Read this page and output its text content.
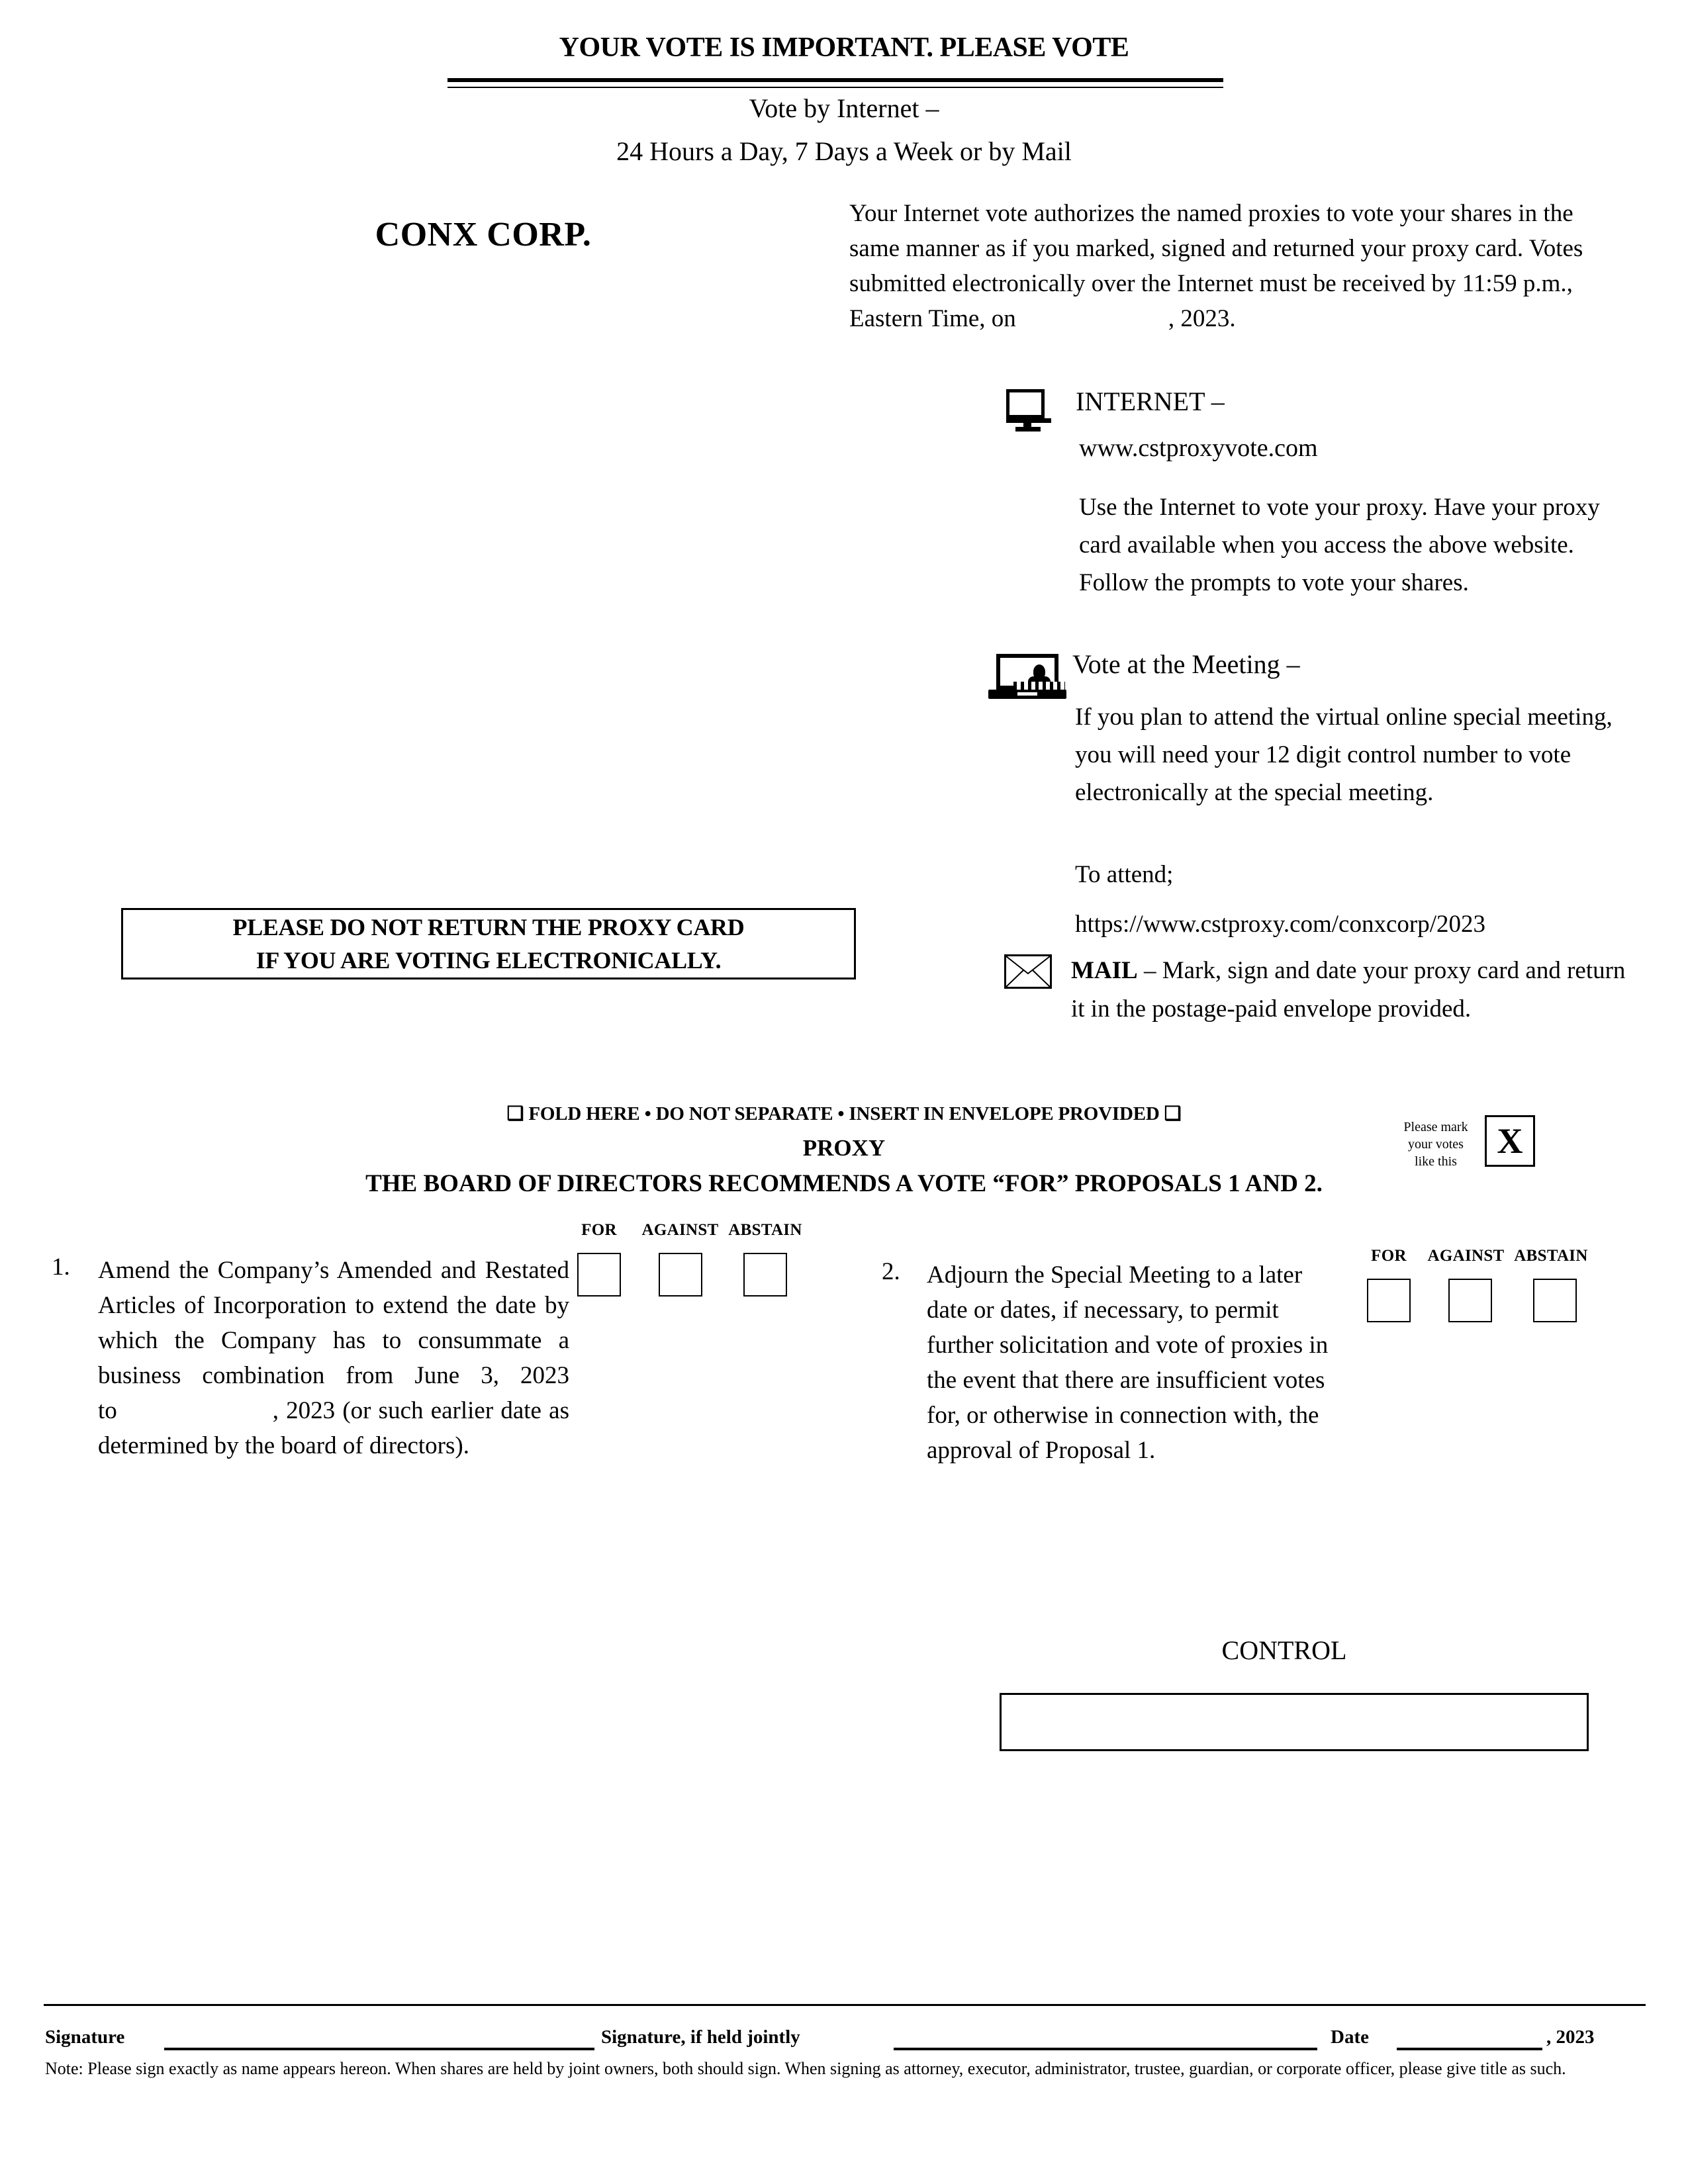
YOUR VOTE IS IMPORTANT. PLEASE VOTE
Vote by Internet –
24 Hours a Day, 7 Days a Week or by Mail
CONX CORP.
Your Internet vote authorizes the named proxies to vote your shares in the same manner as if you marked, signed and returned your proxy card. Votes submitted electronically over the Internet must be received by 11:59 p.m., Eastern Time, on	, 2023.
INTERNET –
www.cstproxyvote.com
Use the Internet to vote your proxy. Have your proxy card available when you access the above website. Follow the prompts to vote your shares.
Vote at the Meeting –
If you plan to attend the virtual online special meeting, you will need your 12 digit control number to vote electronically at the special meeting.
To attend;
https://www.cstproxy.com/conxcorp/2023
MAIL – Mark, sign and date your proxy card and return it in the postage-paid envelope provided.
PLEASE DO NOT RETURN THE PROXY CARD
IF YOU ARE VOTING ELECTRONICALLY.
❑ FOLD HERE • DO NOT SEPARATE • INSERT IN ENVELOPE PROVIDED ❑
PROXY
THE BOARD OF DIRECTORS RECOMMENDS A VOTE “FOR” PROPOSALS 1 AND 2.
Please mark your votes like this
X
1. Amend the Company’s Amended and Restated Articles of Incorporation to extend the date by which the Company has to consummate a business combination from June 3, 2023 to                     , 2023 (or such earlier date as determined by the board of directors).
FOR	AGAINST ABSTAIN
2. Adjourn the Special Meeting to a later date or dates, if necessary, to permit further solicitation and vote of proxies in the event that there are insufficient votes for, or otherwise in connection with, the approval of Proposal 1.
FOR	AGAINST ABSTAIN
CONTROL
Signature	Signature, if held jointly	Date	, 2023
Note: Please sign exactly as name appears hereon. When shares are held by joint owners, both should sign. When signing as attorney, executor, administrator, trustee, guardian, or corporate officer, please give title as such.
